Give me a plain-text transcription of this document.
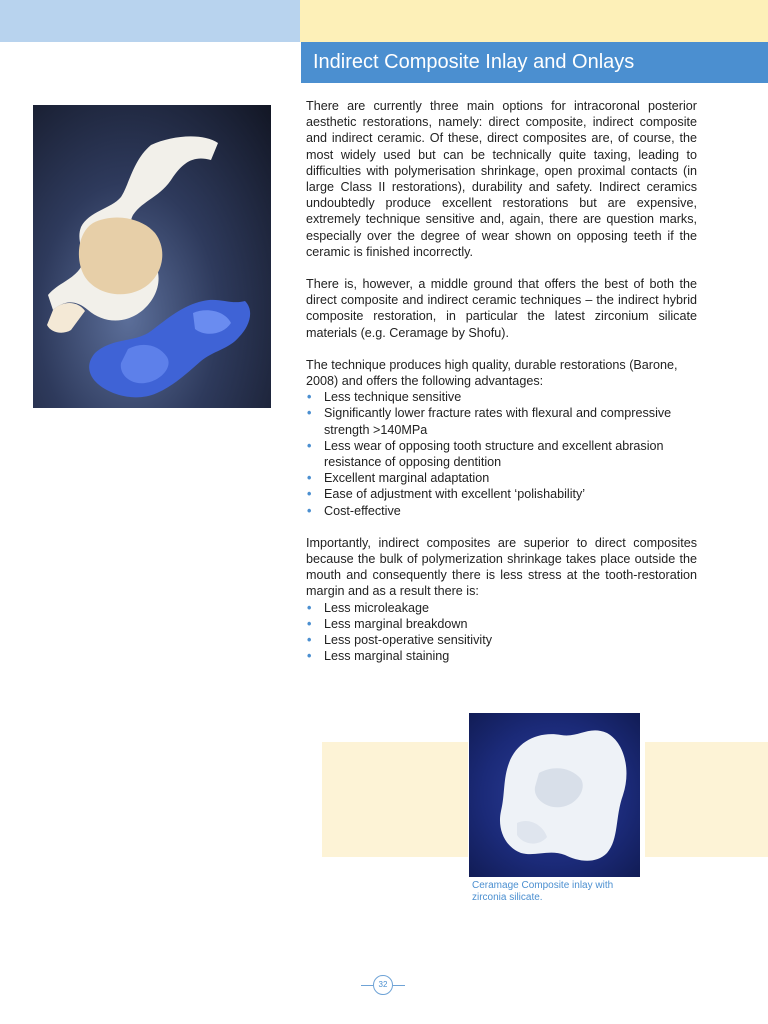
Indirect Composite Inlay and Onlays

There are currently three main options for intracoronal posterior aesthetic restorations, namely: direct composite, indirect composite and indirect ceramic. Of these, direct composites are, of course, the most widely used but can be technically quite taxing, leading to difficulties with polymerisation shrinkage, open proximal contacts (in large Class II restorations), durability and safety. Indirect ceramics undoubtedly produce excellent restorations but are expensive, extremely technique sensitive and, again, there are question marks, especially over the degree of wear shown on opposing teeth if the ceramic is finished incorrectly.

There is, however, a middle ground that offers the best of both the direct composite and indirect ceramic techniques – the indirect hybrid composite restoration, in particular the latest zirconium silicate materials (e.g. Ceramage by Shofu).

The technique produces high quality, durable restorations (Barone, 2008) and offers the following advantages:

• Less technique sensitive
• Significantly lower fracture rates with flexural and compressive strength >140MPa
• Less wear of opposing tooth structure and excellent abrasion resistance of opposing dentition
• Excellent marginal adaptation
• Ease of adjustment with excellent ‘polishability’
• Cost-effective

Importantly, indirect composites are superior to direct composites because the bulk of polymerization shrinkage takes place outside the mouth and consequently there is less stress at the tooth-restoration margin and as a result there is:

• Less microleakage
• Less marginal breakdown
• Less post-operative sensitivity
• Less marginal staining
Ceramage Composite inlay with zirconia silicate.
32
